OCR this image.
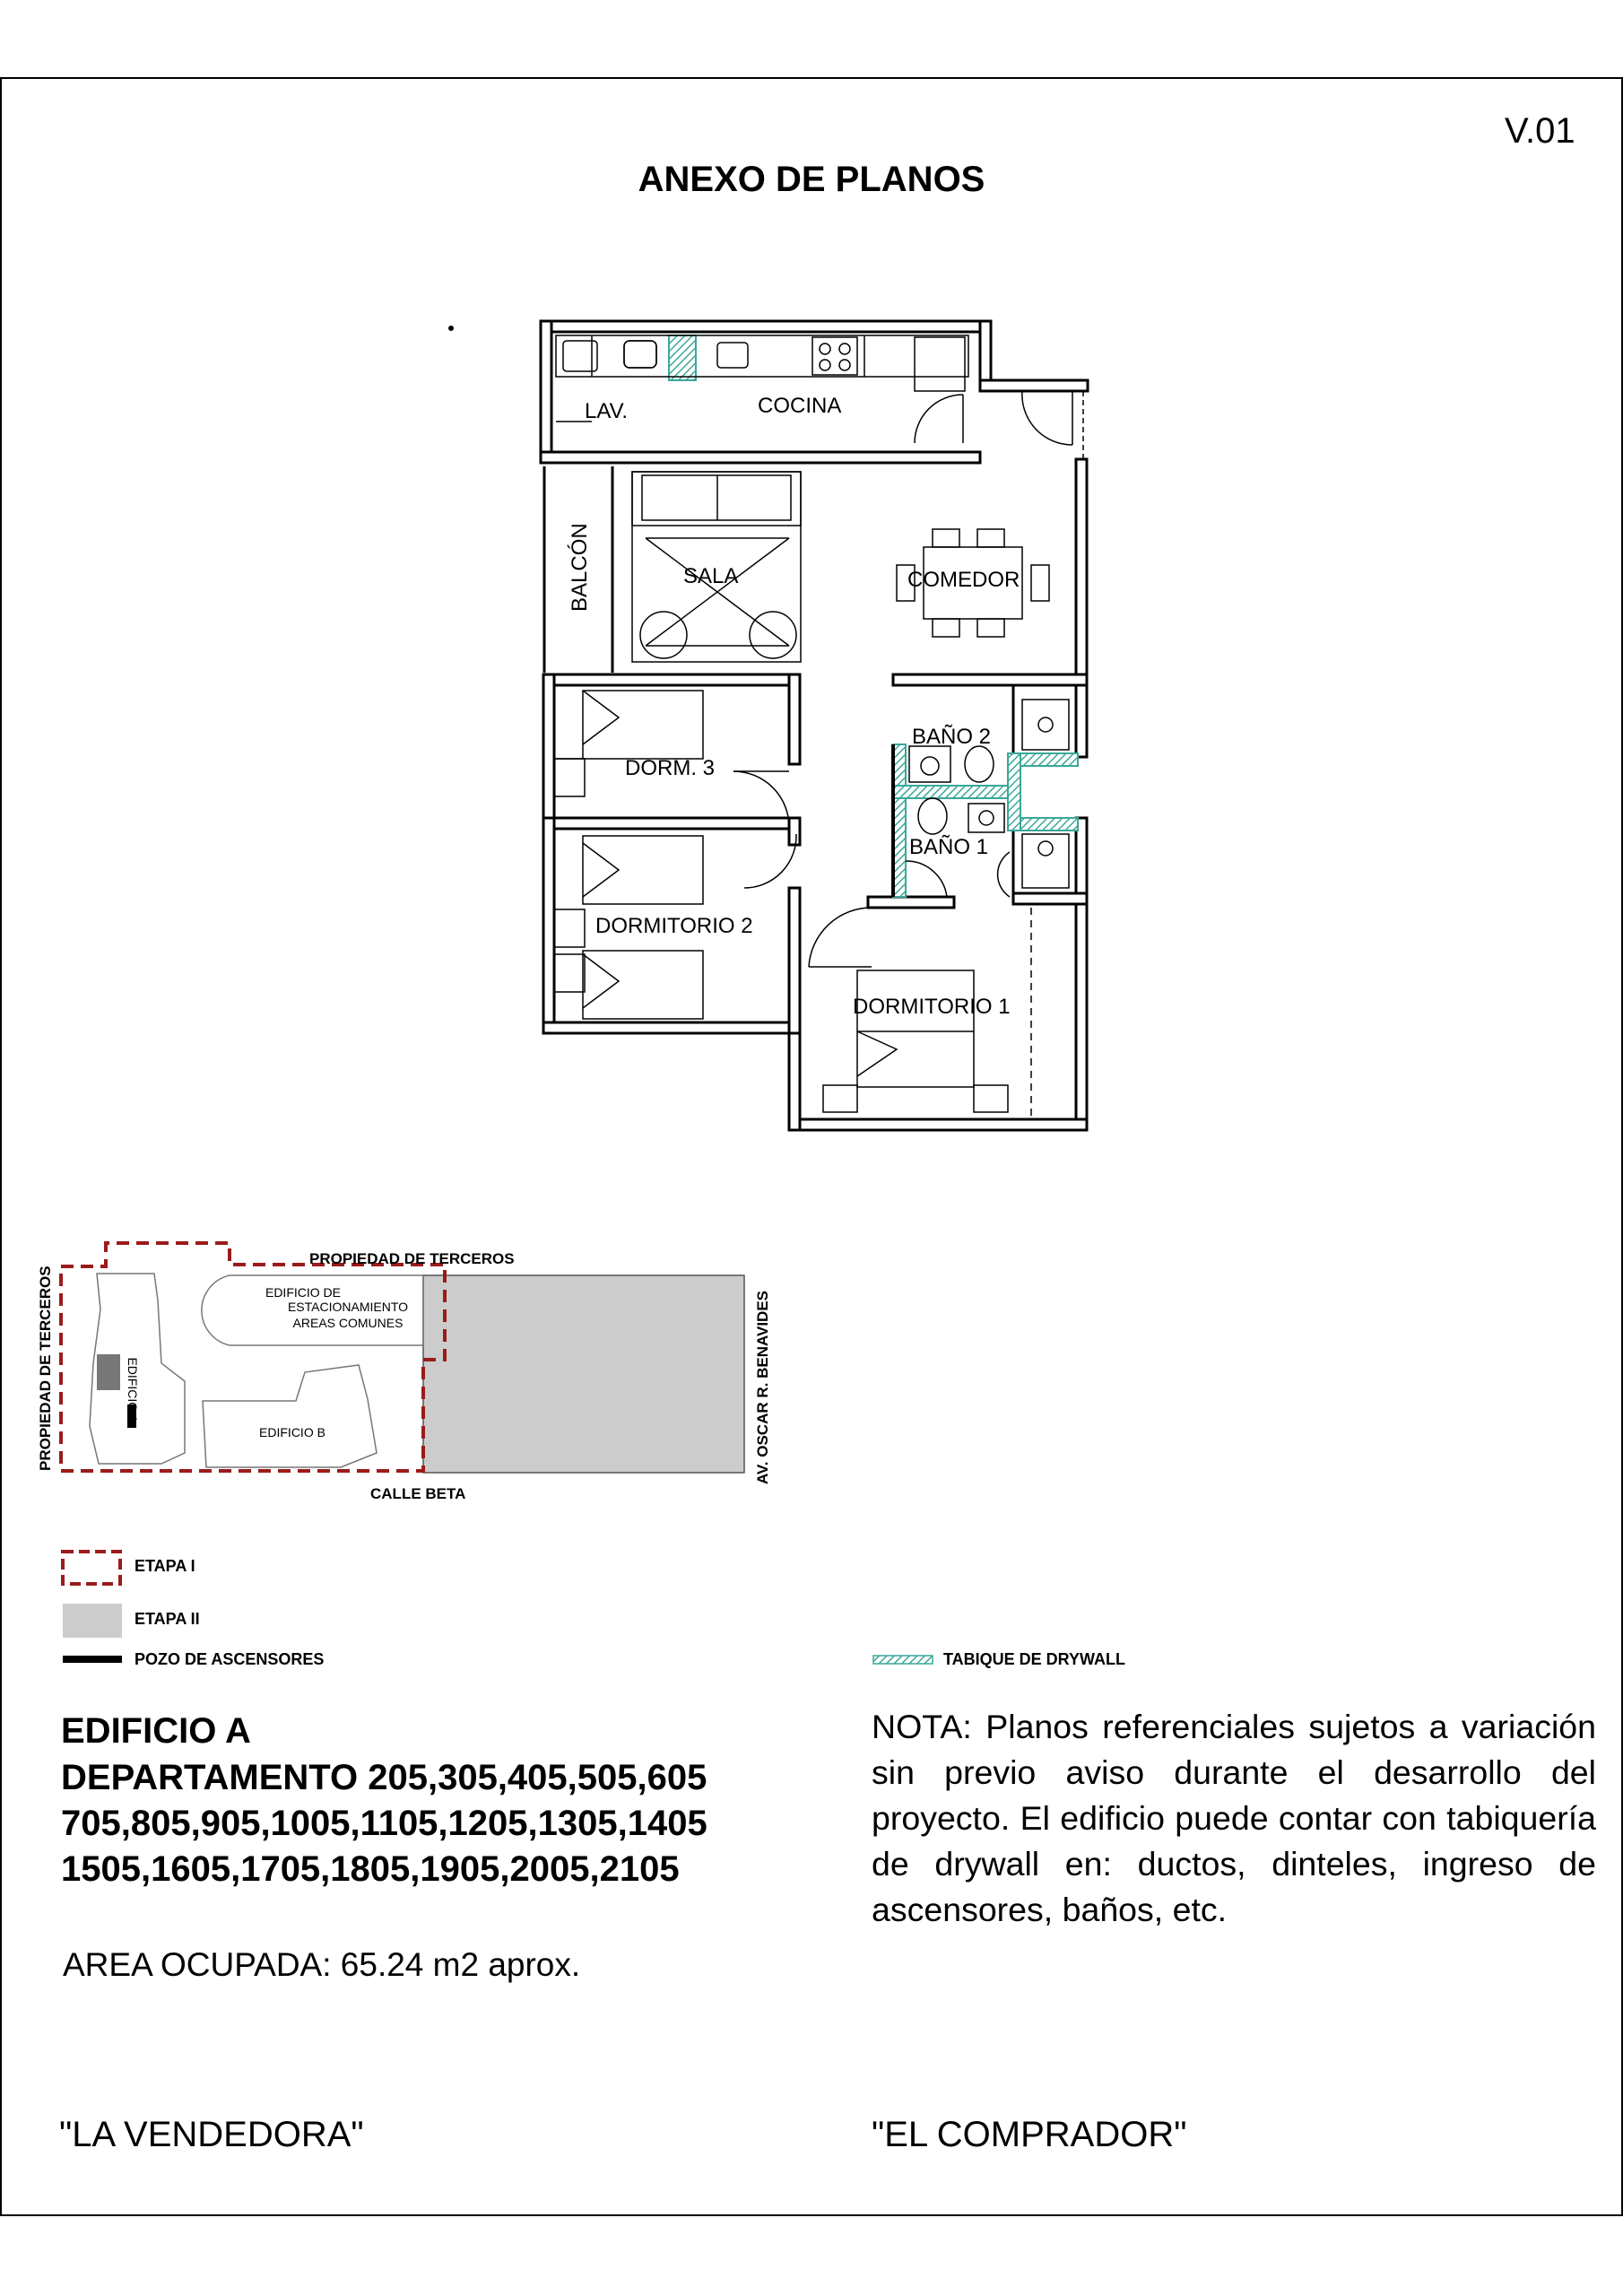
V.01
ANEXO DE PLANOS
LAV.	COCINA
BALCÓN	SALA	COMEDOR
BAÑO 2
BAÑO 1
DORM. 3
DORMITORIO 2
DORMITORIO 1
PROPIEDAD DE TERCEROS
PROPIEDAD DE TERCEROS	AV. OSCAR R. BENAVIDES
CALLE BETA
EDIFICIO DE
ESTACIONAMIENTO
AREAS COMUNES
EDIFICIO A
EDIFICIO B
ETAPA I
ETAPA II
POZO DE ASCENSORES	TABIQUE DE DRYWALL
EDIFICIO A
DEPARTAMENTO 205,305,405,505,605
705,805,905,1005,1105,1205,1305,1405
1505,1605,1705,1805,1905,2005,2105
AREA OCUPADA: 65.24 m2 aprox.
NOTA: Planos referenciales sujetos a variación sin previo aviso durante el desarrollo del proyecto. El edificio puede contar con tabiquería de drywall en: ductos, dinteles, ingreso de ascensores, baños, etc.
"LA VENDEDORA"	"EL COMPRADOR"
